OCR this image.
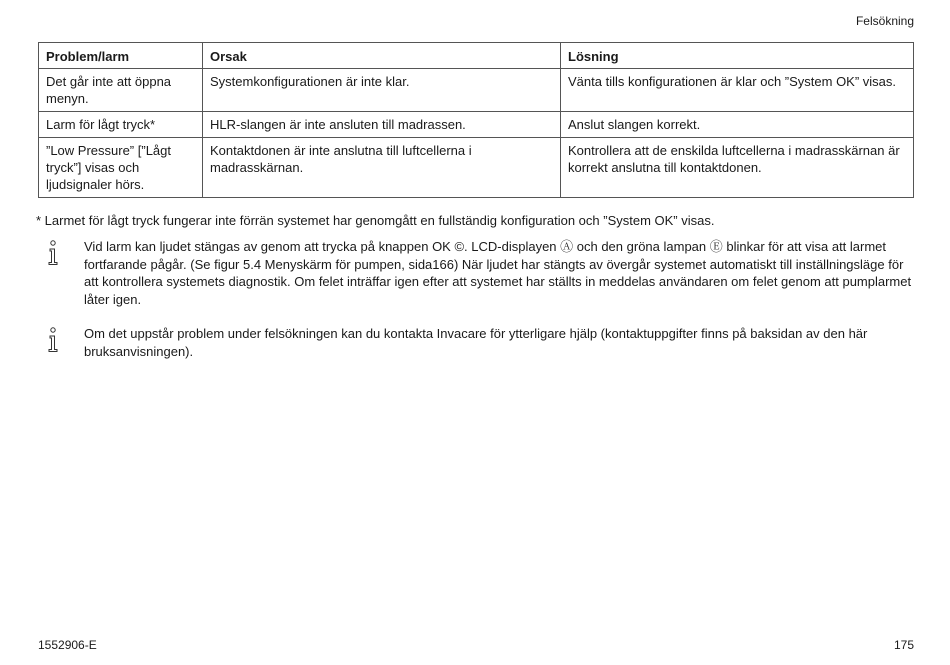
Felsökning
Problem/larm	Orsak	Lösning
Det går inte att öppna menyn.	Systemkonfigurationen är inte klar.	Vänta tills konfigurationen är klar och ”System OK” visas.
Larm för lågt tryck*	HLR-slangen är inte ansluten till madrassen.	Anslut slangen korrekt.
”Low Pressure” [”Lågt tryck”] visas och ljudsignaler hörs.	Kontaktdonen är inte anslutna till luftcellerna i madrasskärnan.	Kontrollera att de enskilda luftcellerna i madrasskärnan är korrekt anslutna till kontaktdonen.
* Larmet för lågt tryck fungerar inte förrän systemet har genomgått en fullständig konfiguration och ”System OK” visas.
Vid larm kan ljudet stängas av genom att trycka på knappen OK ©. LCD-displayen Ⓐ och den gröna lampan Ⓔ blinkar för att visa att larmet fortfarande pågår. (Se figur 5.4 Menyskärm för pumpen, sida166) När ljudet har stängts av övergår systemet automatiskt till inställningsläge för att kontrollera systemets diagnostik. Om felet inträffar igen efter att systemet har ställts in meddelas användaren om felet genom att pumplarmet låter igen.
Om det uppstår problem under felsökningen kan du kontakta Invacare för ytterligare hjälp (kontaktuppgifter finns på baksidan av den här bruksanvisningen).
1552906-E	175
